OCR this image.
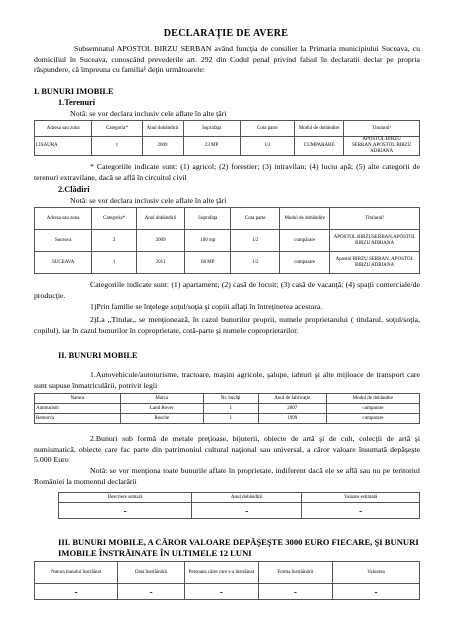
DECLARAŢIE DE AVERE
Subsemnatul APOSTOL BIRZU SERBAN având funcţia de consilier la Primaria municipiului Suceava, cu domiciliul în Suceava, cunoscând prevederile art. 292 din Codul penal privind falsul în declaratii declar pe propria răspundere, că împreuna cu familia¹ deţin următoarele:
I. BUNURI IMOBILE
1.Terenuri
Notă: se vor declara inclusiv cele aflate în alte ţări
Adresa sau zona	Categoria*	Anul dobândirii	Suprafaţa	Cota parte	Modul de dobândire	Titularul¹
LISAURA	1	2009	23 MP	1/2	CUMPARARE	APOSTOL BIRZU SERBAN,APOSTOL BIRZU ADRIANA
* Categoriile indicate sunt: (1) agricol; (2) forestier; (3) intravilan; (4) luciu apă; (5) alte categorii de terenuri extravilane, dacă se află în circuitul civil
2.Clădiri
Notă: se vor declara inclusiv cele aflate în alte ţări
Adresa sau zona	Categoria*	Anul dobândirii	Suprafaţa	Cota parte	Modul de dobândire	Titularul²
Suceava	2	2009	100 mp	1/2	cumpărare	APOSTOL BIRZUSERBAN,APOSTOL BIRZU ADRIANA
SUCEAVA	1	2011	68 MP	1/2	cumparare	Apostol BIRZU SERBAN ,APOSTOL BIRZU ADRIANA
Categoriile indicate sunt: (1) apartament; (2) casă de locuit; (3) casă de vacanţă; (4) spaţii comerciale/de producţie.
1)Prin familie se înţelege soţul/soţia şi copiii aflaţi în întreţinerea acestora.
2)La ,,Titular,, se menţionează, în cazul bunurilor proprii, numele proprietarului ( titularul, soţul/soţia, copilul), iar în cazul bunurilor în coproprietate, cotă-parte şi numele coproprietarilor.
II. BUNURI MOBILE
1.Autovehicule/autoturisme, tractoare, maşini agricole, şalupe, iahturi şi alte mijloace de transport care sunt supuse înmatriculării, potrivit legii
Natura	Marca	Nr. bucăţi	Anul de fabricaţie	Modul de dobândire
Autoturism	Land Rover	1	2007	cumparare
Remorca	Rosche	1	1999	cumparare
2.Bunuri sub formă de metale preţioase, bijuterii, obiecte de artă şi de cult, colecţii de artă şi numismatică, obiecte care fac parte din patrimoniul cultural naţional sau universal, a căror valoare însumată depăşeşte 5.000 Euro
Notă: se vor menţiona toate bunurile aflate în proprietate, indiferent dacă ele se află sau nu pe teritoriul României la momentul declarării
Descriere sumară	Anul dobândirii	Valoare estimată
-	-	-
III. BUNURI MOBILE, A CĂROR VALOARE DEPĂŞEŞTE 3000 EURO FIECARE, ŞI BUNURI IMOBILE ÎNSTRĂINATE ÎN ULTIMELE 12 LUNI
Natura bunului înstrăinat	Data înstrăinării	Persoana către care s-a înstrăinat	Forma înstrăinării	Valoarea
-	-	-	-	-
